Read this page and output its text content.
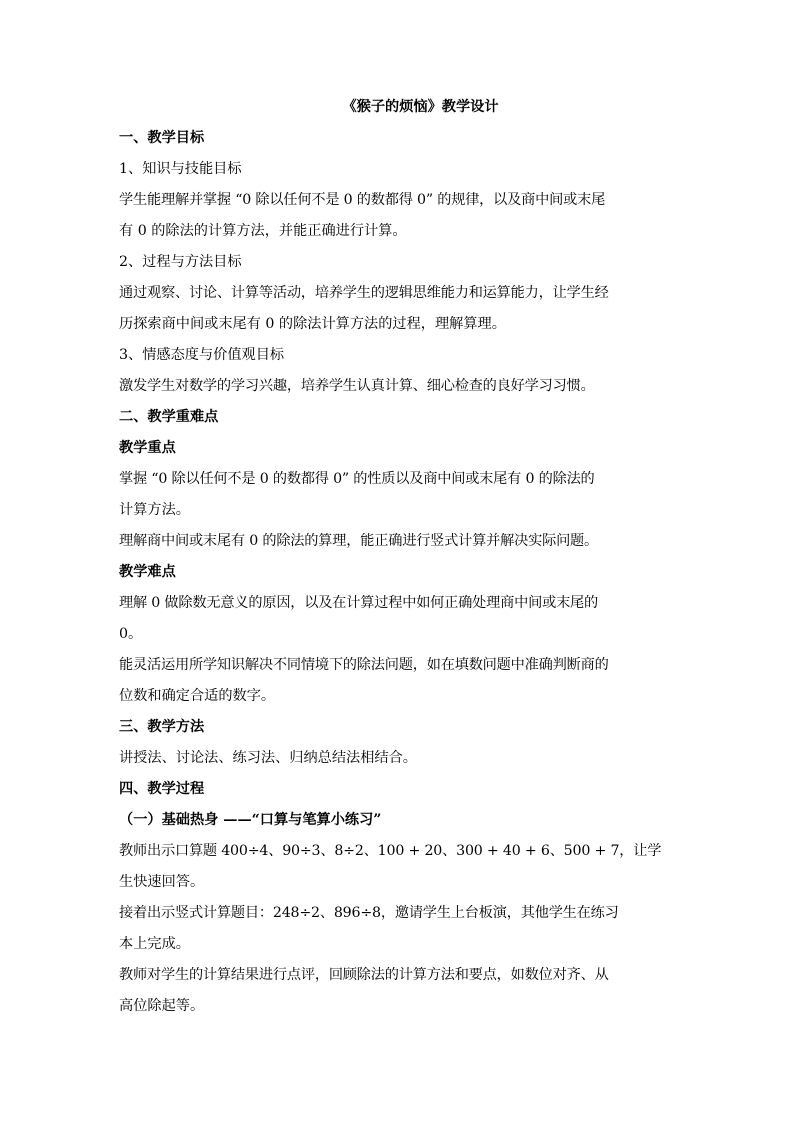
《猴子的烦恼》教学设计

一、教学目标

1、知识与技能目标

学生能理解并掌握 “0 除以任何不是 0 的数都得 0” 的规律，以及商中间或末尾

有 0 的除法的计算方法，并能正确进行计算。

2、过程与方法目标

通过观察、讨论、计算等活动，培养学生的逻辑思维能力和运算能力，让学生经

历探索商中间或末尾有 0 的除法计算方法的过程，理解算理。

3、情感态度与价值观目标

激发学生对数学的学习兴趣，培养学生认真计算、细心检查的良好学习习惯。

二、教学重难点

教学重点

掌握 “0 除以任何不是 0 的数都得 0” 的性质以及商中间或末尾有 0 的除法的

计算方法。

理解商中间或末尾有 0 的除法的算理，能正确进行竖式计算并解决实际问题。

教学难点

理解 0 做除数无意义的原因，以及在计算过程中如何正确处理商中间或末尾的

0。

能灵活运用所学知识解决不同情境下的除法问题，如在填数问题中准确判断商的

位数和确定合适的数字。

三、教学方法

讲授法、讨论法、练习法、归纳总结法相结合。

四、教学过程

（一）基础热身 ——“口算与笔算小练习”

教师出示口算题 400÷4、90÷3、8÷2、100 + 20、300 + 40 + 6、500 + 7，让学

生快速回答。

接着出示竖式计算题目：248÷2、896÷8，邀请学生上台板演，其他学生在练习

本上完成。

教师对学生的计算结果进行点评，回顾除法的计算方法和要点，如数位对齐、从

高位除起等。
